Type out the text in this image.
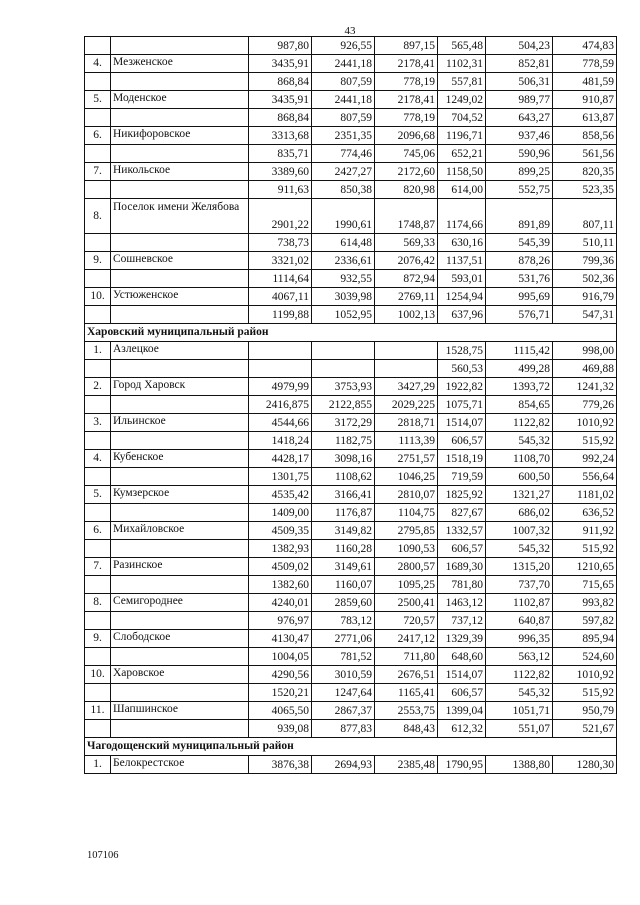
43
		987,80	926,55	897,15	565,48	504,23	474,83
4.	Мезженское	3435,91	2441,18	2178,41	1102,31	852,81	778,59
		868,84	807,59	778,19	557,81	506,31	481,59
5.	Моденское	3435,91	2441,18	2178,41	1249,02	989,77	910,87
		868,84	807,59	778,19	704,52	643,27	613,87
6.	Никифоровское	3313,68	2351,35	2096,68	1196,71	937,46	858,56
		835,71	774,46	745,06	652,21	590,96	561,56
7.	Никольское	3389,60	2427,27	2172,60	1158,50	899,25	820,35
		911,63	850,38	820,98	614,00	552,75	523,35
8.	Поселок имени Желябова	2901,22	1990,61	1748,87	1174,66	891,89	807,11
		738,73	614,48	569,33	630,16	545,39	510,11
9.	Сошневское	3321,02	2336,61	2076,42	1137,51	878,26	799,36
		1114,64	932,55	872,94	593,01	531,76	502,36
10.	Устюженское	4067,11	3039,98	2769,11	1254,94	995,69	916,79
		1199,88	1052,95	1002,13	637,96	576,71	547,31
Харовский муниципальный район							
1.	Азлецкое				1528,75	1115,42	998,00
					560,53	499,28	469,88
2.	Город Харовск	4979,99	3753,93	3427,29	1922,82	1393,72	1241,32
		2416,875	2122,855	2029,225	1075,71	854,65	779,26
3.	Ильинское	4544,66	3172,29	2818,71	1514,07	1122,82	1010,92
		1418,24	1182,75	1113,39	606,57	545,32	515,92
4.	Кубенское	4428,17	3098,16	2751,57	1518,19	1108,70	992,24
		1301,75	1108,62	1046,25	719,59	600,50	556,64
5.	Кумзерское	4535,42	3166,41	2810,07	1825,92	1321,27	1181,02
		1409,00	1176,87	1104,75	827,67	686,02	636,52
6.	Михайловское	4509,35	3149,82	2795,85	1332,57	1007,32	911,92
		1382,93	1160,28	1090,53	606,57	545,32	515,92
7.	Разинское	4509,02	3149,61	2800,57	1689,30	1315,20	1210,65
		1382,60	1160,07	1095,25	781,80	737,70	715,65
8.	Семигороднее	4240,01	2859,60	2500,41	1463,12	1102,87	993,82
		976,97	783,12	720,57	737,12	640,87	597,82
9.	Слободское	4130,47	2771,06	2417,12	1329,39	996,35	895,94
		1004,05	781,52	711,80	648,60	563,12	524,60
10.	Харовское	4290,56	3010,59	2676,51	1514,07	1122,82	1010,92
		1520,21	1247,64	1165,41	606,57	545,32	515,92
11.	Шапшинское	4065,50	2867,37	2553,75	1399,04	1051,71	950,79
		939,08	877,83	848,43	612,32	551,07	521,67
Чагодощенский муниципальный район							
1.	Белокрестское	3876,38	2694,93	2385,48	1790,95	1388,80	1280,30
107106
